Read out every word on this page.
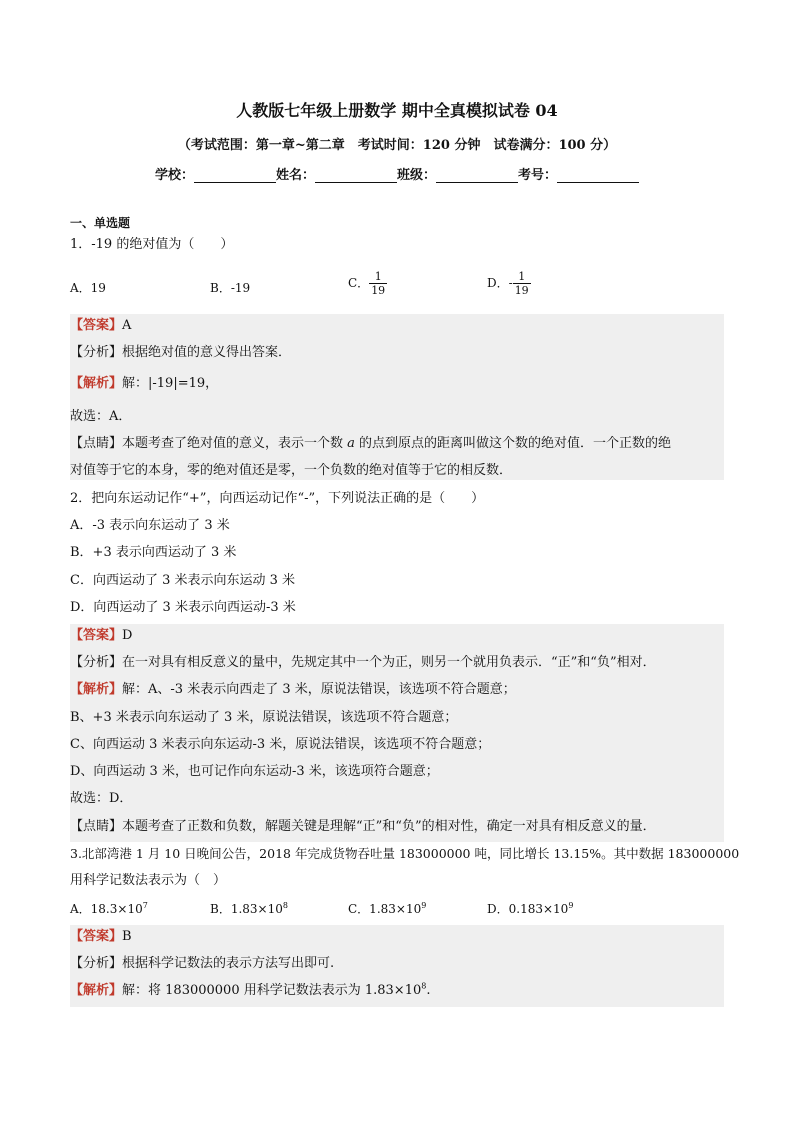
人教版七年级上册数学 期中全真模拟试卷 04
（考试范围：第一章~第二章　考试时间：120 分钟　试卷满分：100 分）
学校：	姓名：	班级：	考号：
一、单选题
1．-19 的绝对值为（　　）
A．19	B．-19	C． $\frac{1}{19}$	D．- $\frac{1}{19}$
【答案】A
【分析】根据绝对值的意义得出答案．
【解析】解：|-19|=19，
故选：A．
【点睛】本题考查了绝对值的意义，表示一个数 a 的点到原点的距离叫做这个数的绝对值．一个正数的绝
对值等于它的本身，零的绝对值还是零，一个负数的绝对值等于它的相反数．
2．把向东运动记作“+”，向西运动记作“-”，下列说法正确的是（　　）
A．-3 表示向东运动了 3 米
B．+3 表示向西运动了 3 米
C．向西运动了 3 米表示向东运动 3 米
D．向西运动了 3 米表示向西运动-3 米
【答案】D
【分析】在一对具有相反意义的量中，先规定其中一个为正，则另一个就用负表示．“正”和“负”相对．
【解析】解：A、-3 米表示向西走了 3 米，原说法错误，该选项不符合题意；
B、+3 米表示向东运动了 3 米，原说法错误，该选项不符合题意；
C、向西运动 3 米表示向东运动-3 米，原说法错误，该选项不符合题意；
D、向西运动 3 米，也可记作向东运动-3 米，该选项符合题意；
故选：D．
【点睛】本题考查了正数和负数，解题关键是理解“正”和“负”的相对性，确定一对具有相反意义的量．
3.北部湾港 1 月 10 日晚间公告，2018 年完成货物吞吐量 183000000 吨，同比增长 13.15%。其中数据 183000000
用科学记数法表示为（　）
A．$18.3\times 10^7$	B．$1.83\times 10^8$	C．$1.83\times 10^9$	D．$0.183\times 10^9$
【答案】B
【分析】根据科学记数法的表示方法写出即可.
【解析】解：将 183000000 用科学记数法表示为 $1.83\times 10^8$.
